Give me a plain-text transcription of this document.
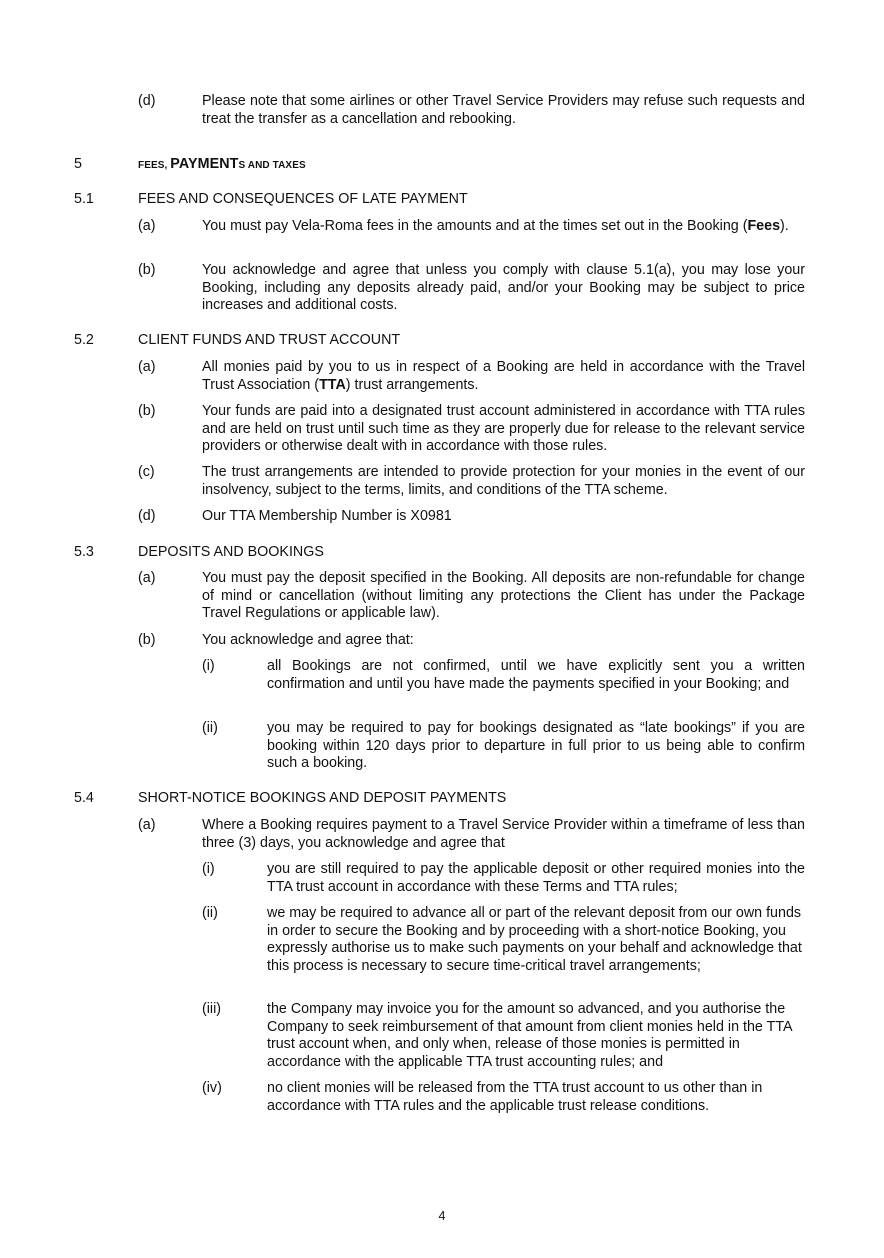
(d)	Please note that some airlines or other Travel Service Providers may refuse such requests and treat the transfer as a cancellation and rebooking.
5	FEES, PAYMENTS AND TAXES
5.1	FEES AND CONSEQUENCES OF LATE PAYMENT
(a)	You must pay Vela-Roma fees in the amounts and at the times set out in the Booking (Fees).
(b)	You acknowledge and agree that unless you comply with clause 5.1(a), you may lose your Booking, including any deposits already paid, and/or your Booking may be subject to price increases and additional costs.
5.2	CLIENT FUNDS AND TRUST ACCOUNT
(a)	All monies paid by you to us in respect of a Booking are held in accordance with the Travel Trust Association (TTA) trust arrangements.
(b)	Your funds are paid into a designated trust account administered in accordance with TTA rules and are held on trust until such time as they are properly due for release to the relevant service providers or otherwise dealt with in accordance with those rules.
(c)	The trust arrangements are intended to provide protection for your monies in the event of our insolvency, subject to the terms, limits, and conditions of the TTA scheme.
(d)	Our TTA Membership Number is X0981
5.3	DEPOSITS AND BOOKINGS
(a)	You must pay the deposit specified in the Booking. All deposits are non-refundable for change of mind or cancellation (without limiting any protections the Client has under the Package Travel Regulations or applicable law).
(b)	You acknowledge and agree that:
(i)	all Bookings are not confirmed, until we have explicitly sent you a written confirmation and until you have made the payments specified in your Booking; and
(ii)	you may be required to pay for bookings designated as “late bookings” if you are booking within 120 days prior to departure in full prior to us being able to confirm such a booking.
5.4	SHORT-NOTICE BOOKINGS AND DEPOSIT PAYMENTS
(a)	Where a Booking requires payment to a Travel Service Provider within a timeframe of less than three (3) days, you acknowledge and agree that
(i)	you are still required to pay the applicable deposit or other required monies into the TTA trust account in accordance with these Terms and TTA rules;
(ii)	we may be required to advance all or part of the relevant deposit from our own funds in order to secure the Booking and by proceeding with a short-notice Booking, you expressly authorise us to make such payments on your behalf and acknowledge that this process is necessary to secure time-critical travel arrangements;
(iii)	the Company may invoice you for the amount so advanced, and you authorise the Company to seek reimbursement of that amount from client monies held in the TTA trust account when, and only when, release of those monies is permitted in accordance with the applicable TTA trust accounting rules; and
(iv)	no client monies will be released from the TTA trust account to us other than in accordance with TTA rules and the applicable trust release conditions.
4
